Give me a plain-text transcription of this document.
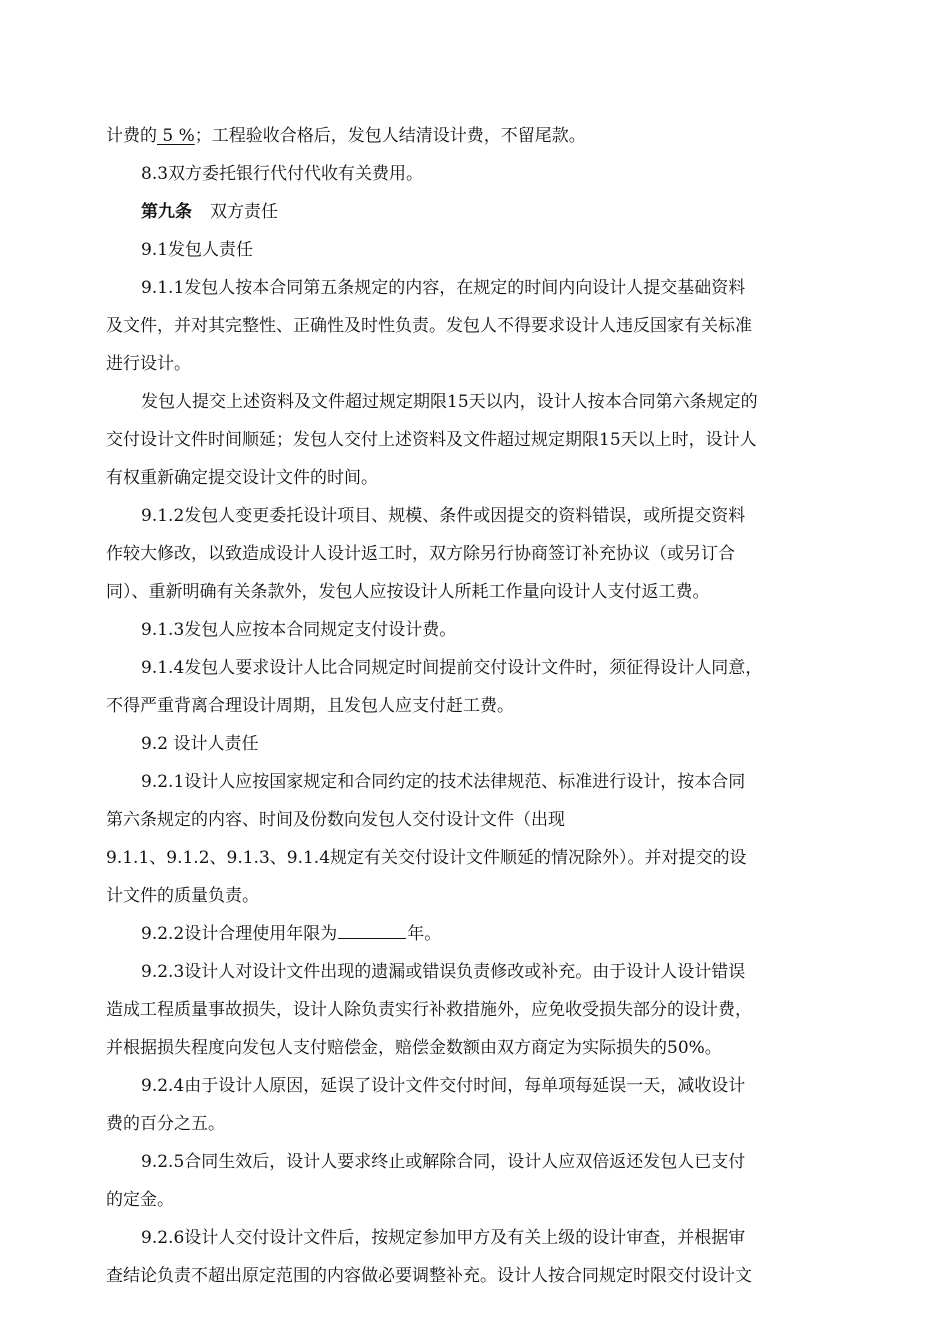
计费的 5 %；工程验收合格后，发包人结清设计费，不留尾款。
8.3双方委托银行代付代收有关费用。
第九条 双方责任
9.1发包人责任
9.1.1发包人按本合同第五条规定的内容，在规定的时间内向设计人提交基础资料
及文件，并对其完整性、正确性及时性负责。发包人不得要求设计人违反国家有关标准
进行设计。
发包人提交上述资料及文件超过规定期限15天以内，设计人按本合同第六条规定的
交付设计文件时间顺延；发包人交付上述资料及文件超过规定期限15天以上时，设计人
有权重新确定提交设计文件的时间。
9.1.2发包人变更委托设计项目、规模、条件或因提交的资料错误，或所提交资料
作较大修改，以致造成设计人设计返工时，双方除另行协商签订补充协议（或另订合
同）、重新明确有关条款外，发包人应按设计人所耗工作量向设计人支付返工费。
9.1.3发包人应按本合同规定支付设计费。
9.1.4发包人要求设计人比合同规定时间提前交付设计文件时，须征得设计人同意，
不得严重背离合理设计周期，且发包人应支付赶工费。
9.2 设计人责任
9.2.1设计人应按国家规定和合同约定的技术法律规范、标准进行设计，按本合同
第六条规定的内容、时间及份数向发包人交付设计文件（出现
9.1.1、9.1.2、9.1.3、9.1.4规定有关交付设计文件顺延的情况除外）。并对提交的设
计文件的质量负责。
9.2.2设计合理使用年限为	年。
9.2.3设计人对设计文件出现的遗漏或错误负责修改或补充。由于设计人设计错误
造成工程质量事故损失，设计人除负责实行补救措施外，应免收受损失部分的设计费，
并根据损失程度向发包人支付赔偿金，赔偿金数额由双方商定为实际损失的50%。
9.2.4由于设计人原因，延误了设计文件交付时间，每单项每延误一天，减收设计
费的百分之五。
9.2.5合同生效后，设计人要求终止或解除合同，设计人应双倍返还发包人已支付
的定金。
9.2.6设计人交付设计文件后，按规定参加甲方及有关上级的设计审查，并根据审
查结论负责不超出原定范围的内容做必要调整补充。设计人按合同规定时限交付设计文
